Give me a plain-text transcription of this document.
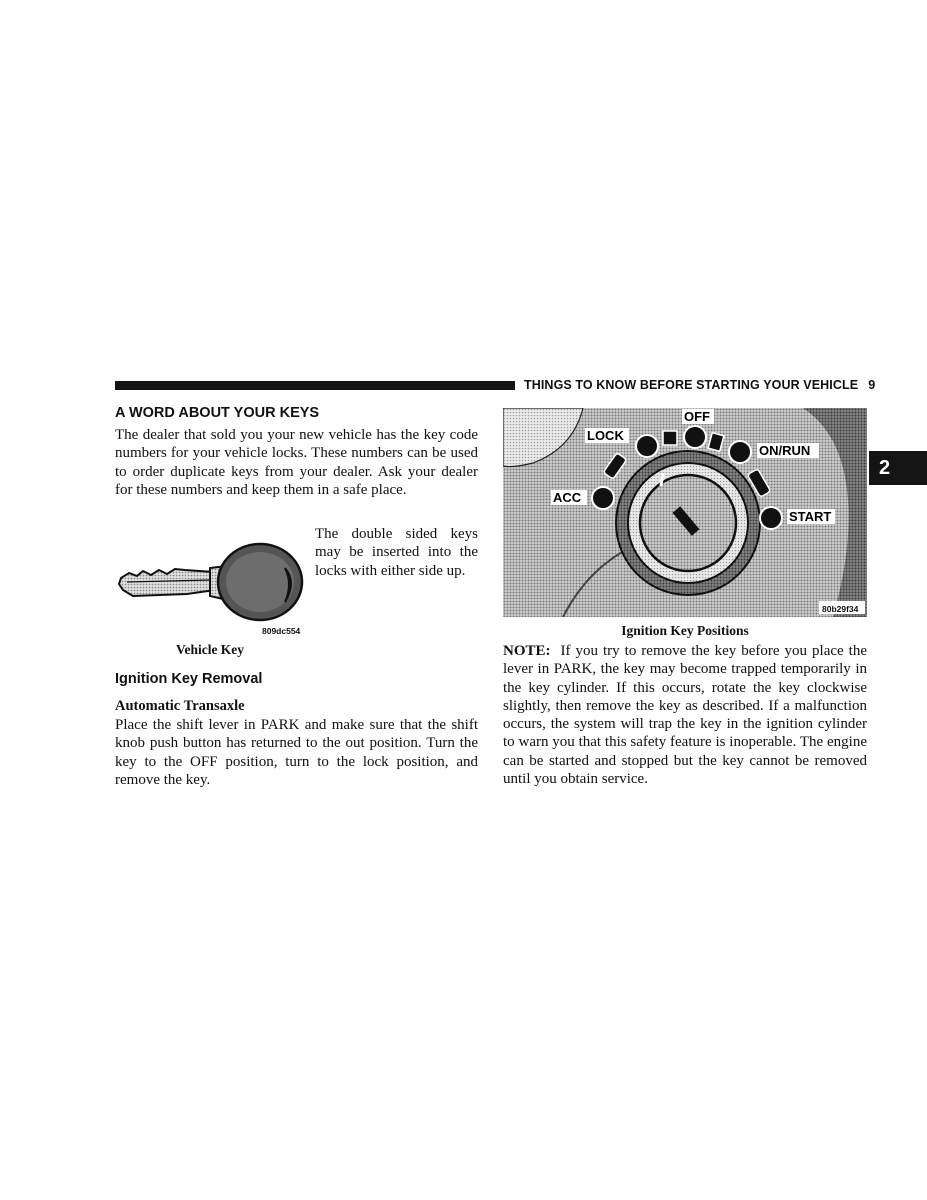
THINGS TO KNOW BEFORE STARTING YOUR VEHICLE 9
2
A WORD ABOUT YOUR KEYS

The dealer that sold you your new vehicle has the key code numbers for your vehicle locks. These numbers can be used to order duplicate keys from your dealer. Ask your dealer for these numbers and keep them in a safe place.

The double sided keys may be inserted into the locks with either side up.

809dc554
Vehicle Key
Ignition Key Removal
Automatic Transaxle

Place the shift lever in PARK and make sure that the shift knob push button has returned to the out position. Turn the key to the OFF position, turn to the lock position, and remove the key.

OFF
LOCK
ON/RUN
ACC
START
80b29f34
Ignition Key Positions

NOTE: If you try to remove the key before you place the lever in PARK, the key may become trapped temporarily in the key cylinder. If this occurs, rotate the key clockwise slightly, then remove the key as described. If a malfunction occurs, the system will trap the key in the ignition cylinder to warn you that this safety feature is inoperable. The engine can be started and stopped but the key cannot be removed until you obtain service.
